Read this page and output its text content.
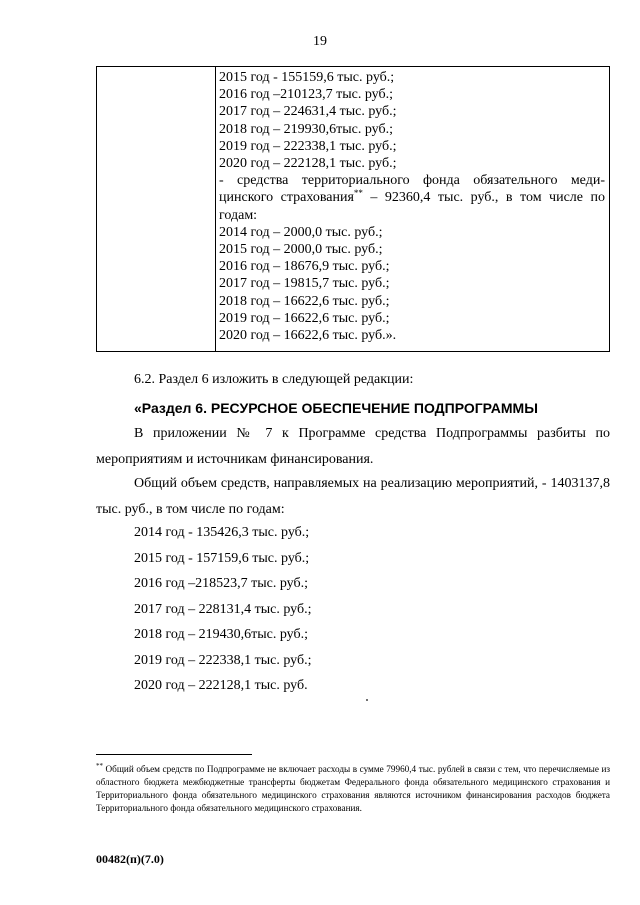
19
2015 год - 155159,6 тыс. руб.;
2016 год –210123,7 тыс. руб.;
2017 год – 224631,4 тыс. руб.;
2018 год – 219930,6тыс. руб.;
2019 год – 222338,1 тыс. руб.;
2020 год – 222128,1 тыс. руб.;
- средства территориального фонда обязательного меди-
цинского страхования** – 92360,4 тыс. руб., в том числе по
годам:
2014 год – 2000,0 тыс. руб.;
2015 год – 2000,0 тыс. руб.;
2016 год – 18676,9 тыс. руб.;
2017 год – 19815,7 тыс. руб.;
2018 год – 16622,6 тыс. руб.;
2019 год – 16622,6 тыс. руб.;
2020 год – 16622,6 тыс. руб.».
6.2. Раздел 6 изложить в следующей редакции:
«Раздел 6. РЕСУРСНОЕ ОБЕСПЕЧЕНИЕ ПОДПРОГРАММЫ
В приложении № 7 к Программе средства Подпрограммы разбиты по мероприятиям и источникам финансирования.
Общий объем средств, направляемых на реализацию мероприятий, - 1403137,8 тыс. руб., в том числе по годам:
2014 год - 135426,3 тыс. руб.;
2015 год - 157159,6 тыс. руб.;
2016 год –218523,7 тыс. руб.;
2017 год – 228131,4 тыс. руб.;
2018 год – 219430,6тыс. руб.;
2019 год – 222338,1 тыс. руб.;
2020 год – 222128,1 тыс. руб.
** Общий объем средств по Подпрограмме не включает расходы в сумме 79960,4 тыс. рублей в связи с тем, что перечисляемые из областного бюджета межбюджетные трансферты бюджетам Федерального фонда обязательного медицинского страхования и Территориального фонда обязательного медицинского страхования являются источником финансирования расходов бюджета Территориального фонда обязательного медицинского страхования.
00482(п)(7.0)
